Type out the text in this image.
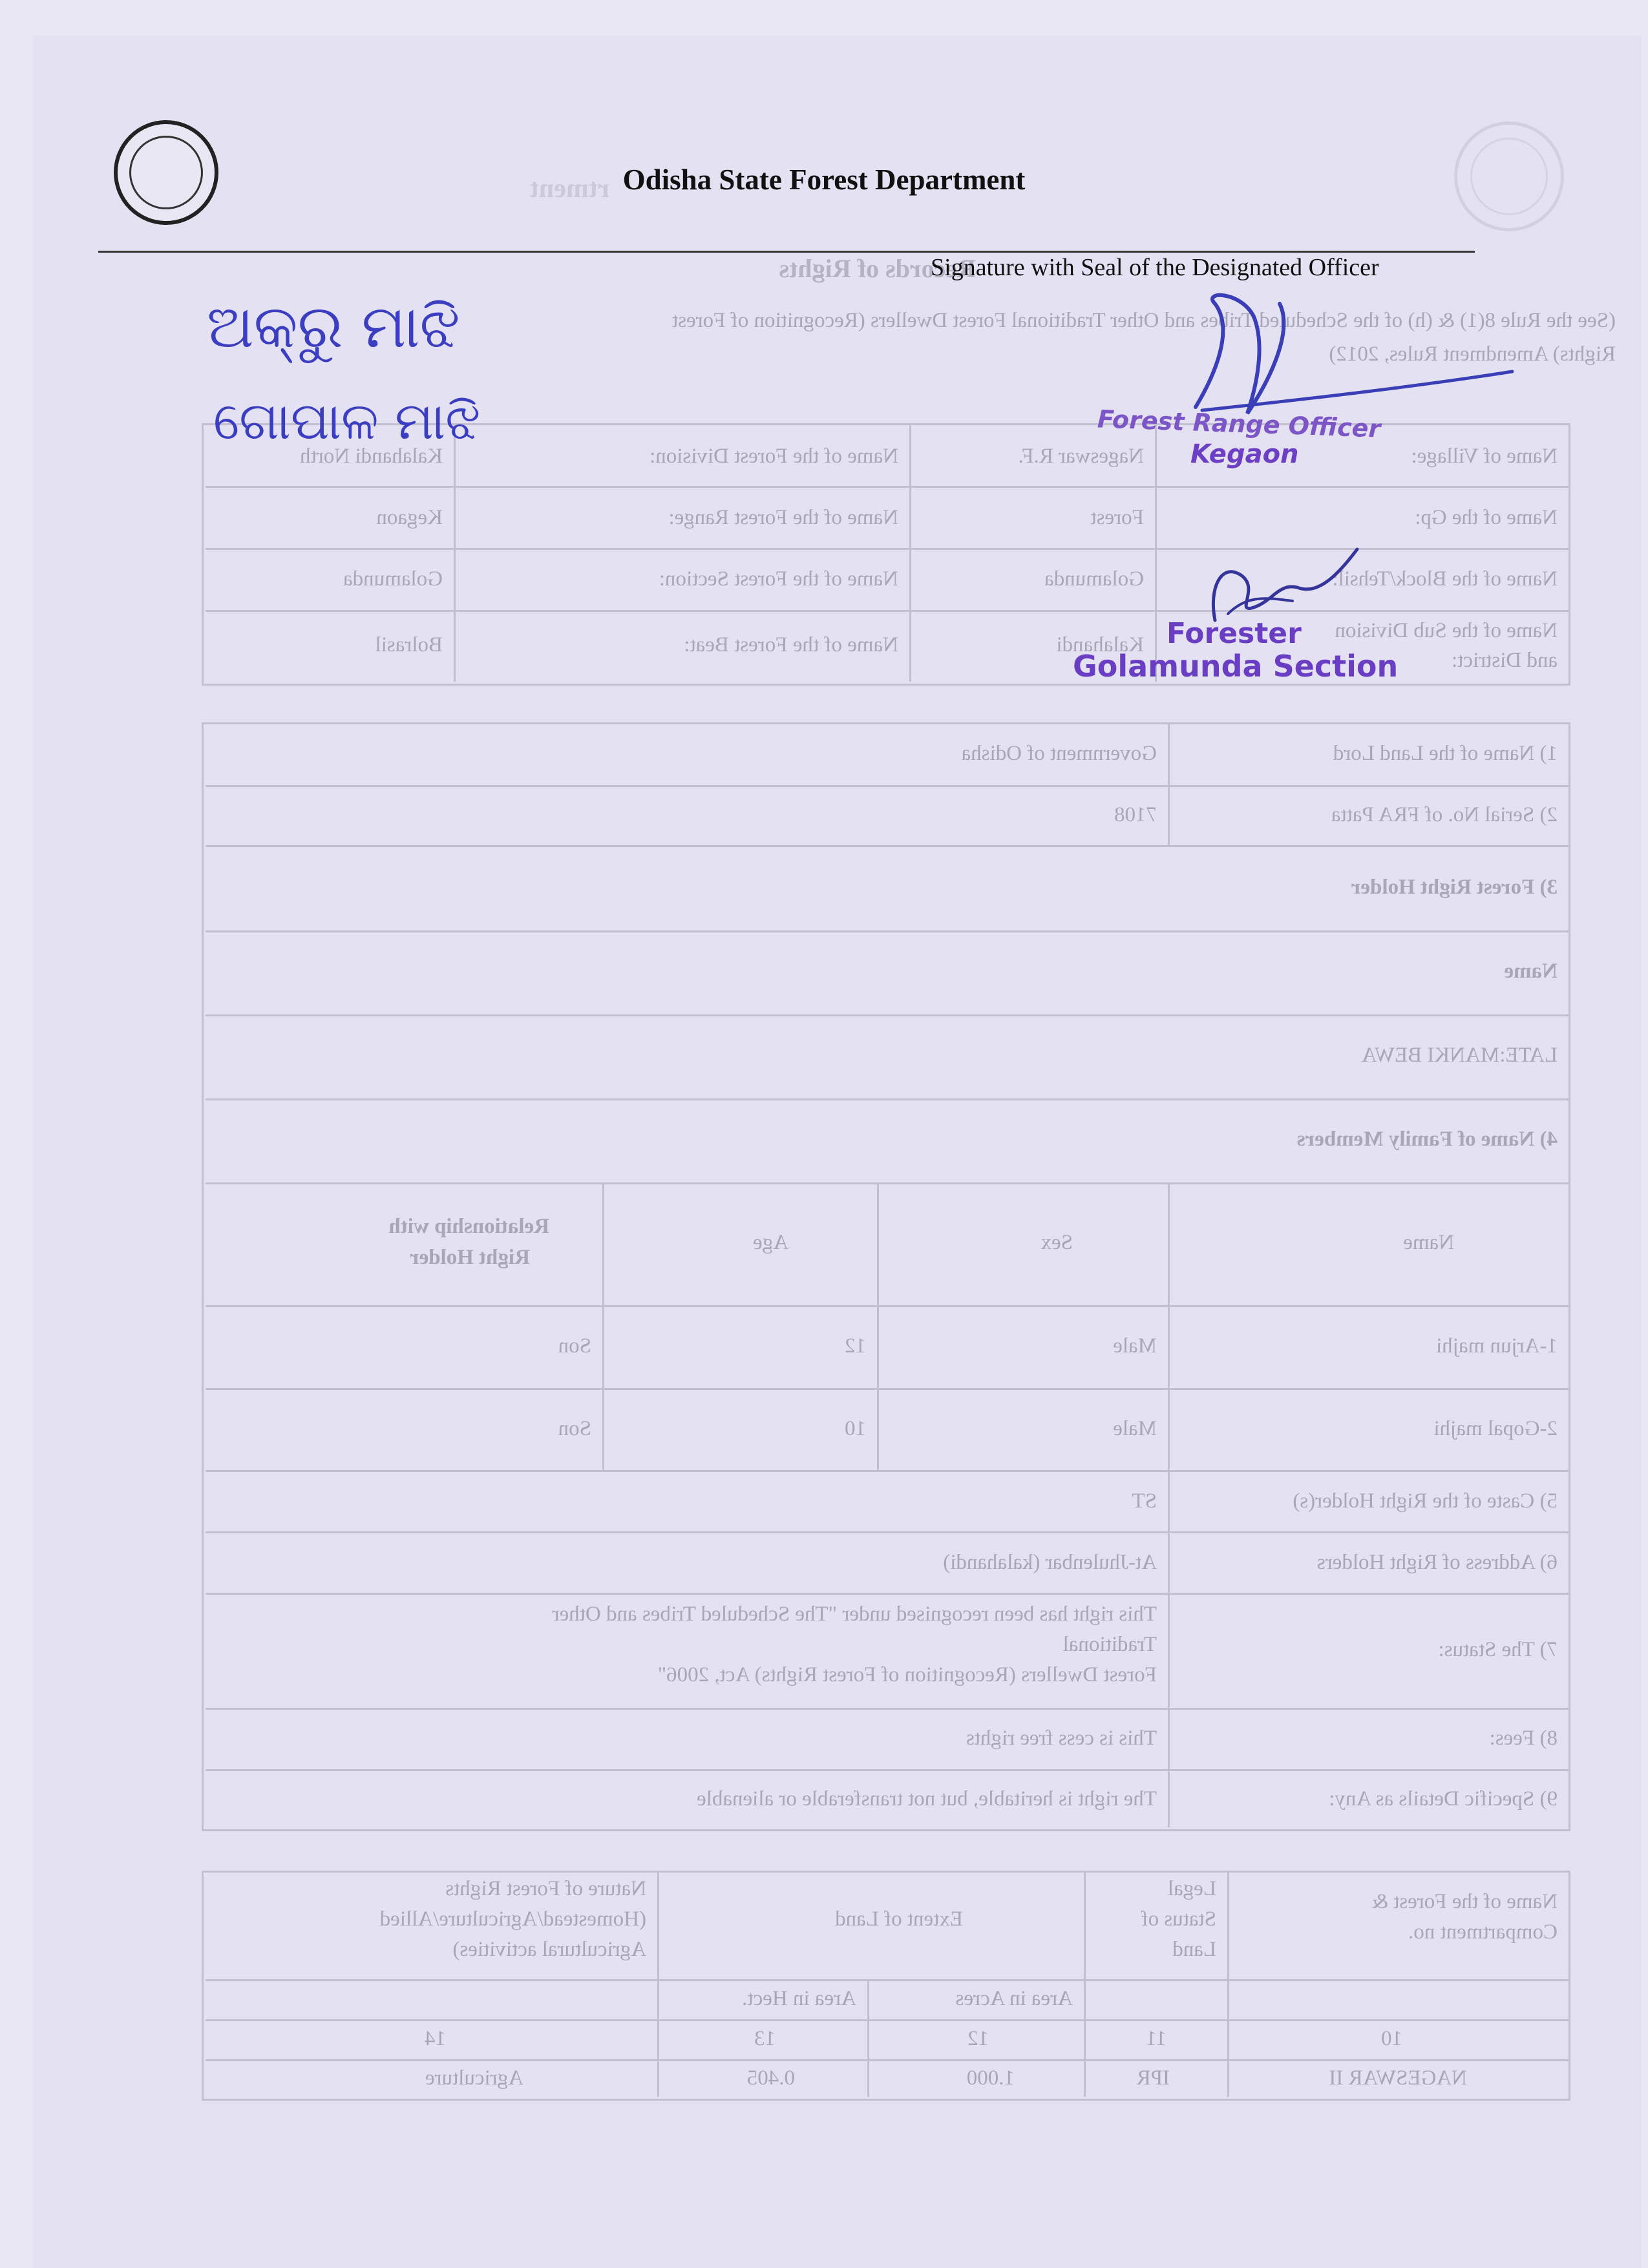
Records of Rights
(See the Rule 8(1) & (h) of the Scheduled Tribes and Other Traditional Forest Dwellers (Recognition of Forest
Rights) Amendment Rules, 2012)
Name of Village:
Nageswar R.F.
Name of the Forest Division:
Kalahandi North
Name of the Gp:
Forest
Name of the Forest Range:
Kegaon
Name of the Block/Tehsil:
Golamunda
Name of the Forest Section:
Golamunda
Name of the Sub Division
and District:
Kalahandi
Name of the Forest Beat:
Bolrasil
1) Name of the Land Lord
Government of Odisha
2) Serial No. of FRA Patta
7108
3) Forest Right Holder
Name
LATE:MANKI BEWA
4) Name of Family Members
Name
Sex
Age
Relationship with
Right Holder
1-Arjun majhi
Male
12
Son
2-Gopal majhi
Male
10
Son
5) Caste of the Right Holder(s)
ST
6) Address of Right Holders
At-Jhulenbar (kalahandi)
7) The Status:
This right has been recognised under "The Scheduled Tribes and Other
Traditional
Forest Dwellers (Recognition of Forest Rights) Act, 2006"
8) Fees:
This is cess free rights
9) Specific Details as Any:
The right is heritable, but not transferable or alienable
Name of the Forest &
Compartment no.
Legal
Status of
Land
Extent of Land
Nature of Forest Rights
(Homestead/Agriculture/Allied
Agricultural activities)
Area in Acres
Area in Hect.
10
11
12
13
14
NAGESWAR II
IPR
1.000
0.405
Agriculture
rtment Odisha State Forest Department
Signature with Seal of the Designated Officer
ଅକ୍ରୁ ମାଝି
ଗୋପାଳ ମାଝି	Forest Range Officer
Kegaon
Forester
Golamunda Section
